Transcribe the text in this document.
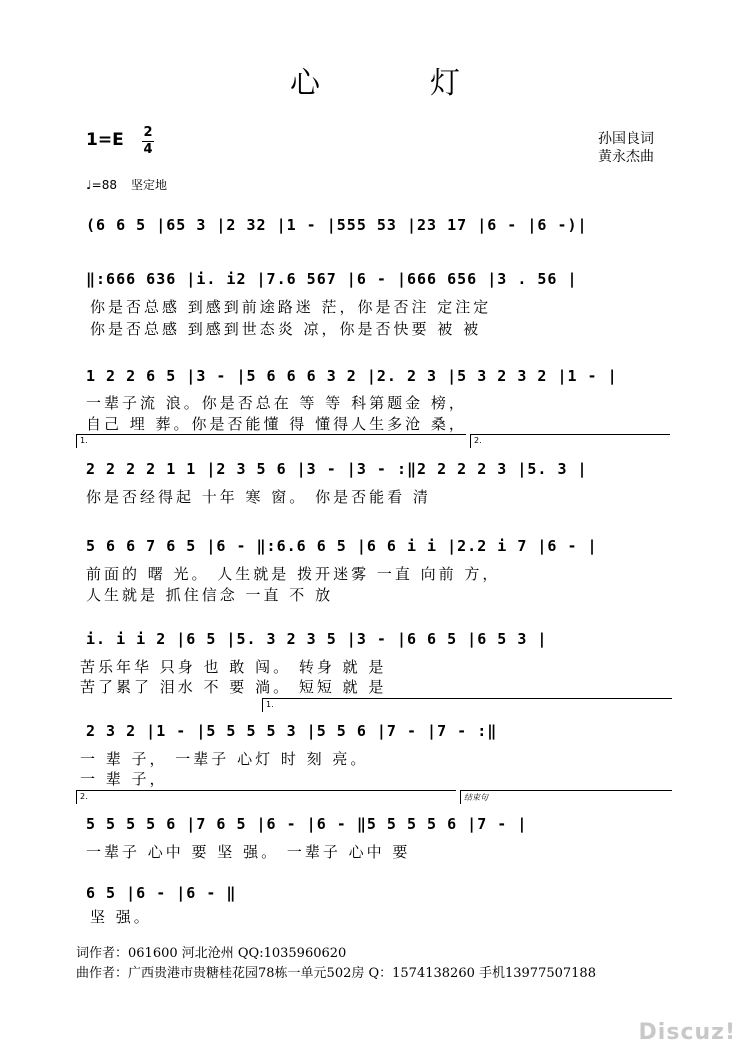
心灯
1=E 2
4
孙国良词
黄永杰曲
♩=88 坚定地
(6 6 5 |65 3 |2 32 |1 - |555 53 |23 17 |6 - |6 -)|
‖:666 636 |i. i2 |7.6 567 |6 - |666 656 |3 . 56 |
你是否总感 到感到前途路迷 茫，你是否注 定注定
你是否总感 到感到世态炎 凉，你是否快要 被 被
1 2 2 6 5 |3 - |5 6 6 6 3 2 |2. 2 3 |5 3 2 3 2 |1 - |
一辈子流 浪。你是否总在 等 等 科第题金 榜，
自己 埋 葬。你是否能懂 得 懂得人生多沧 桑，
1.	2.
2 2 2 2 1 1 |2 3 5 6 |3 - |3 - :‖2 2 2 2 3 |5. 3 |
你是否经得起 十年 寒 窗。 你是否能看 清
5 6 6 7 6 5 |6 - ‖:6.6 6 5 |6 6 i i |2.2 i 7 |6 - |
前面的 曙 光。 人生就是 拨开迷雾 一直 向前 方，
人生就是 抓住信念 一直 不 放
i. i i 2 |6 5 |5. 3 2 3 5 |3 - |6 6 5 |6 5 3 |
苦乐年华 只身 也 敢 闯。 转身 就 是
苦了累了 泪水 不 要 淌。 短短 就 是
1.
2 3 2 |1 - |5 5 5 5 3 |5 5 6 |7 - |7 - :‖
一 辈 子， 一辈子 心灯 时 刻 亮。
一 辈 子，
2.	结束句
5 5 5 5 6 |7 6 5 |6 - |6 - ‖5 5 5 5 6 |7 - |
一辈子 心中 要 坚 强。 一辈子 心中 要
6 5 |6 - |6 - ‖
坚 强。
词作者：061600 河北沧州 QQ:1035960620
曲作者：广西贵港市贵糖桂花园78栋一单元502房 Q：1574138260 手机13977507188
Discuz!
